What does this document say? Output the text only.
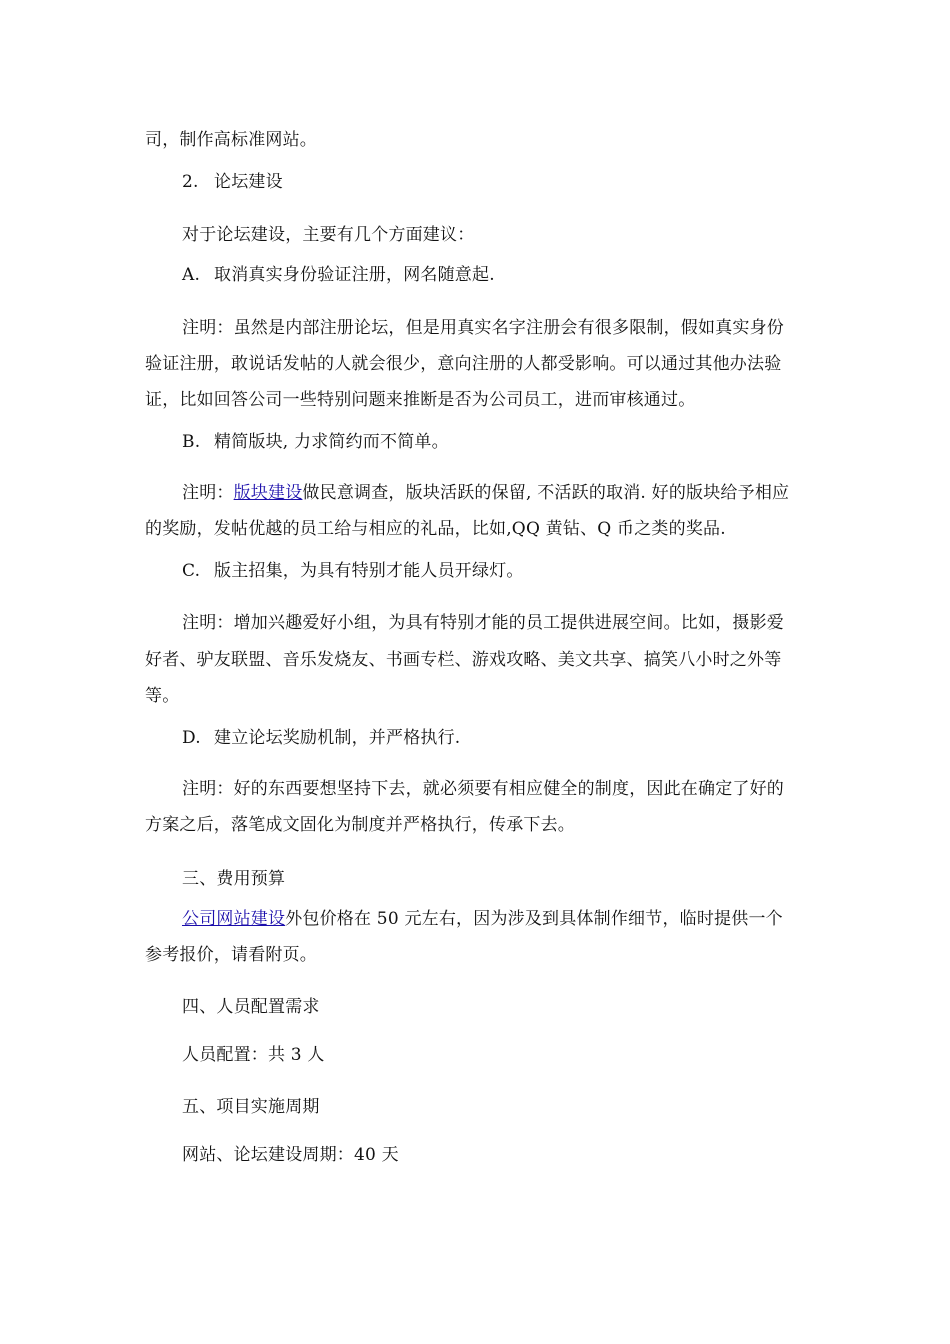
司，制作高标准网站。
2. 论坛建设
对于论坛建设，主要有几个方面建议：
A. 取消真实身份验证注册，网名随意起.
注明：虽然是内部注册论坛，但是用真实名字注册会有很多限制，假如真实身份
验证注册，敢说话发帖的人就会很少，意向注册的人都受影响。可以通过其他办法验
证，比如回答公司一些特别问题来推断是否为公司员工，进而审核通过。
B. 精简版块, 力求简约而不简单。
注明：版块建设做民意调查，版块活跃的保留, 不活跃的取消. 好的版块给予相应
的奖励，发帖优越的员工给与相应的礼品，比如,QQ 黄钻、Q 币之类的奖品.
C. 版主招集，为具有特别才能人员开绿灯。
注明：增加兴趣爱好小组，为具有特别才能的员工提供进展空间。比如，摄影爱
好者、驴友联盟、音乐发烧友、书画专栏、游戏攻略、美文共享、搞笑八小时之外等
等。
D. 建立论坛奖励机制，并严格执行.
注明：好的东西要想坚持下去，就必须要有相应健全的制度，因此在确定了好的
方案之后，落笔成文固化为制度并严格执行，传承下去。
三、费用预算
公司网站建设外包价格在 50 元左右，因为涉及到具体制作细节，临时提供一个
参考报价，请看附页。
四、人员配置需求
人员配置：共 3 人
五、项目实施周期
网站、论坛建设周期：40 天
